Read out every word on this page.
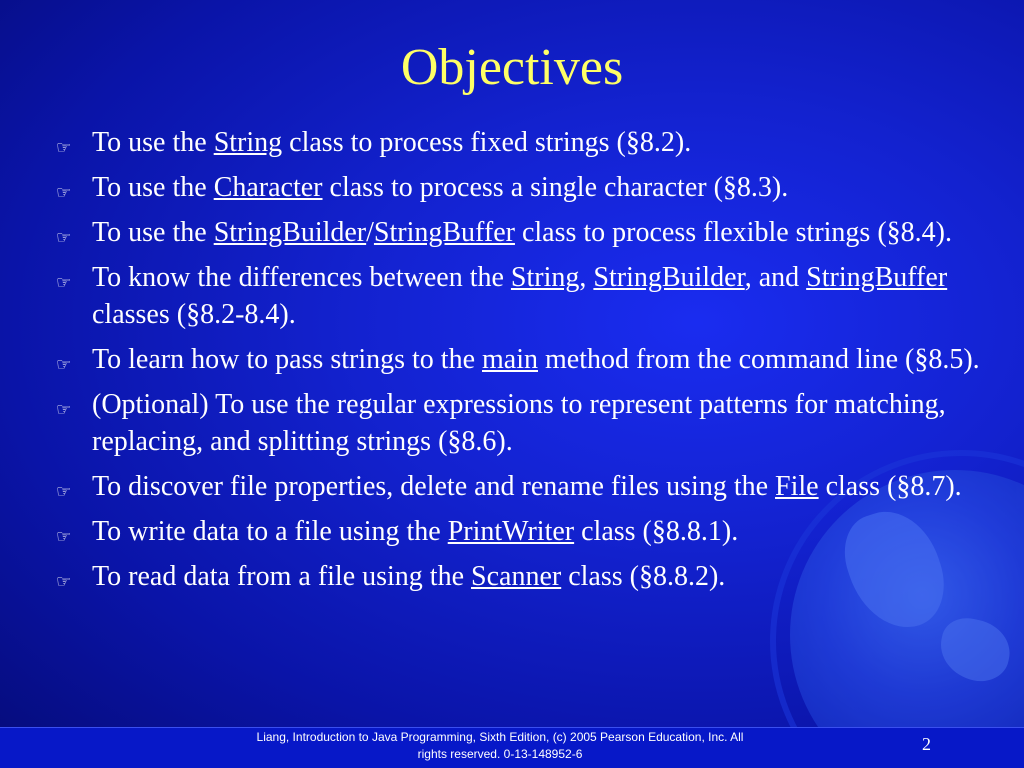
Objectives
☞ To use the String class to process fixed strings (§8.2).
☞ To use the Character class to process a single character (§8.3).
☞ To use the StringBuilder/StringBuffer class to process flexible strings (§8.4).
☞ To know the differences between the String, StringBuilder, and StringBuffer classes (§8.2-8.4).
☞ To learn how to pass strings to the main method from the command line (§8.5).
☞ (Optional) To use the regular expressions to represent patterns for matching, replacing, and splitting strings (§8.6).
☞ To discover file properties, delete and rename files using the File class (§8.7).
☞ To write data to a file using the PrintWriter class (§8.8.1).
☞ To read data from a file using the Scanner class (§8.8.2).
Liang, Introduction to Java Programming, Sixth Edition, (c) 2005 Pearson Education, Inc. All
rights reserved. 0-13-148952-6	2
